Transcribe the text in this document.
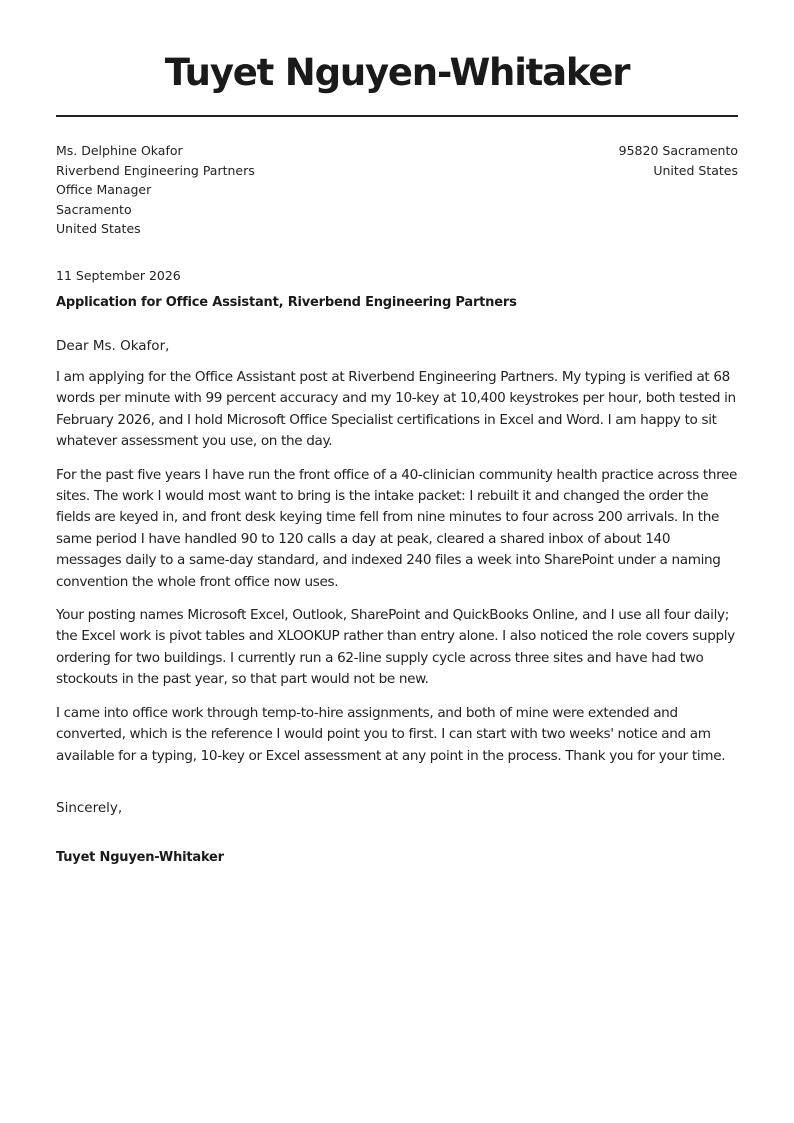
Tuyet Nguyen-Whitaker
Ms. Delphine Okafor
Riverbend Engineering Partners
Office Manager
Sacramento
United States
95820 Sacramento
United States
11 September 2026
Application for Office Assistant, Riverbend Engineering Partners
Dear Ms. Okafor,

I am applying for the Office Assistant post at Riverbend Engineering Partners. My typing is verified at 68 words per minute with 99 percent accuracy and my 10-key at 10,400 keystrokes per hour, both tested in February 2026, and I hold Microsoft Office Specialist certifications in Excel and Word. I am happy to sit whatever assessment you use, on the day.

For the past five years I have run the front office of a 40-clinician community health practice across three sites. The work I would most want to bring is the intake packet: I rebuilt it and changed the order the fields are keyed in, and front desk keying time fell from nine minutes to four across 200 arrivals. In the same period I have handled 90 to 120 calls a day at peak, cleared a shared inbox of about 140 messages daily to a same-day standard, and indexed 240 files a week into SharePoint under a naming convention the whole front office now uses.

Your posting names Microsoft Excel, Outlook, SharePoint and QuickBooks Online, and I use all four daily; the Excel work is pivot tables and XLOOKUP rather than entry alone. I also noticed the role covers supply ordering for two buildings. I currently run a 62-line supply cycle across three sites and have had two stockouts in the past year, so that part would not be new.

I came into office work through temp-to-hire assignments, and both of mine were extended and converted, which is the reference I would point you to first. I can start with two weeks' notice and am available for a typing, 10-key or Excel assessment at any point in the process. Thank you for your time.

Sincerely,
Tuyet Nguyen-Whitaker
